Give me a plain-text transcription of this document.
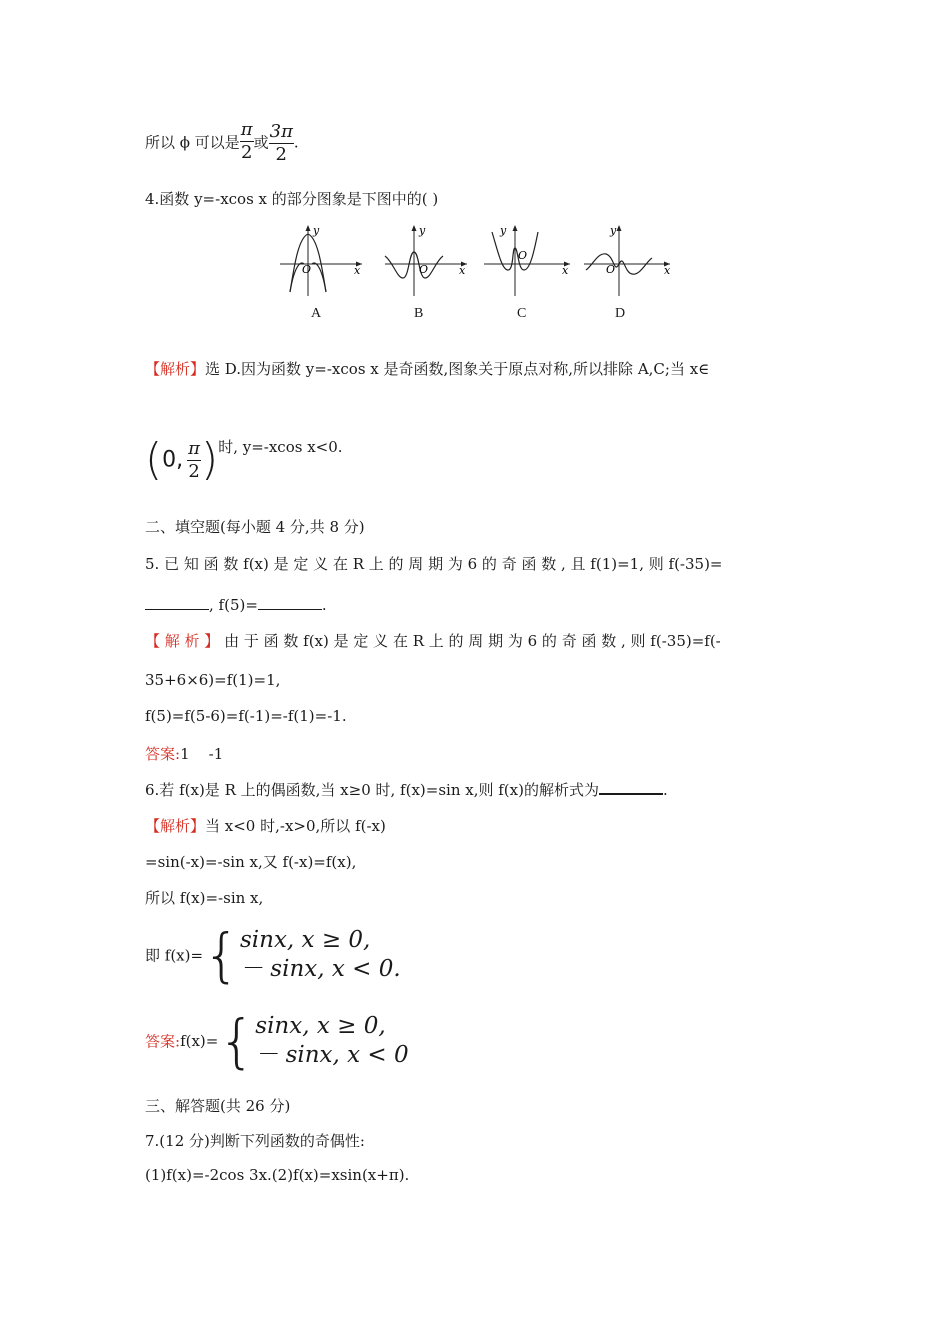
所以 ϕ 可以是 $\frac{\pi}{2}$ 或 $\frac{3\pi}{2}$ .
4.函数 y=-xcos x 的部分图象是下图中的( )
y
x
O
y
x
O
y
x
O
y
x
O
A	B	C	D
【解析】选 D.因为函数 y=-xcos x 是奇函数,图象关于原点对称,所以排除 A,C;当 x∈
(0, $\frac{\pi}{2}$ )时, y=-xcos x<0.
二、填空题(每小题 4 分,共 8 分)
5. 已 知 函 数 f(x) 是 定 义 在 R 上 的 周 期 为 6 的 奇 函 数 , 且 f(1)=1, 则 f(-35)=
, f(5)=	.
【 解 析 】 由 于 函 数 f(x) 是 定 义 在 R 上 的 周 期 为 6 的 奇 函 数 , 则 f(-35)=f(-
35+6×6)=f(1)=1,
f(5)=f(5-6)=f(-1)=-f(1)=-1.
答案:1    -1
6.若 f(x)是 R 上的偶函数,当 x≥0 时, f(x)=sin x,则 f(x)的解析式为	.
【解析】当 x<0 时,-x>0,所以 f(-x)
=sin(-x)=-sin x,又 f(-x)=f(x),
所以 f(x)=-sin x,
即 f(x)={ sinx, x ≥ 0,
－ sinx, x < 0.
答案:f(x)={ sinx, x ≥ 0,
－ sinx, x < 0
三、解答题(共 26 分)
7.(12 分)判断下列函数的奇偶性:
(1)f(x)=-2cos 3x.(2)f(x)=xsin(x+π).
